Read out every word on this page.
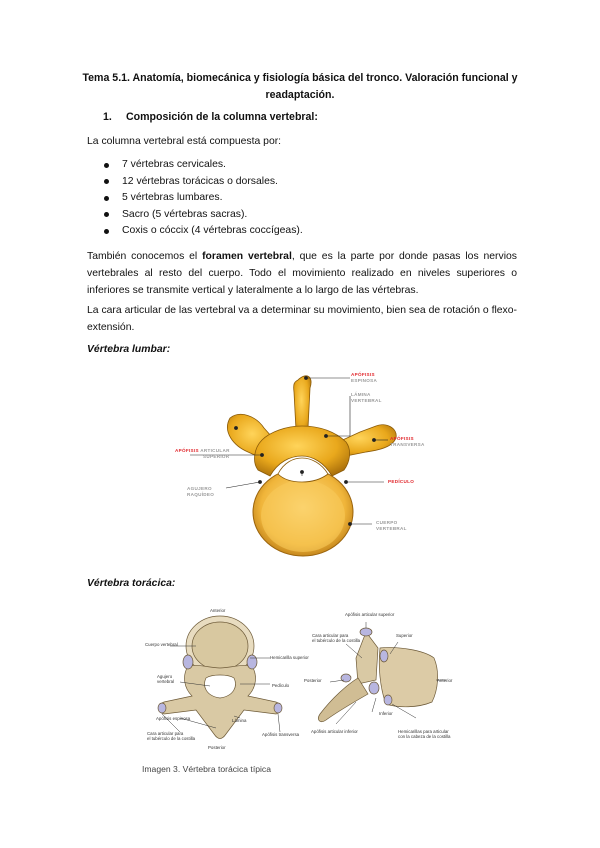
Tema 5.1. Anatomía, biomecánica y fisiología básica del tronco. Valoración funcional y readaptación.
1. Composición de la columna vertebral:
La columna vertebral está compuesta por:
7 vértebras cervicales.
12 vértebras torácicas o dorsales.
5 vértebras lumbares.
Sacro (5 vértebras sacras).
Coxis o cóccix (4 vértebras coccígeas).
También conocemos el foramen vertebral, que es la parte por donde pasas los nervios vertebrales al resto del cuerpo. Todo el movimiento realizado en niveles superiores o inferiores se transmite vertical y lateralmente a lo largo de las vértebras.
La cara articular de las vertebral va a determinar su movimiento, bien sea de rotación o flexo-extensión.
Vértebra lumbar:
APÓFISIS
ESPINOSA
LÁMINA
VERTEBRAL
APÓFISIS
TRANSVERSA
APÓFISIS ARTICULAR
SUPERIOR
AGUJERO
RAQUÍDEO
PEDÍCULO
CUERPO
VERTEBRAL
Vértebra torácica:
Anterior
Cuerpo vertebral
Hemicarilla superior
Agujero
vertebral
Pedículo
Apófisis espinosa	Lámina
Cara articular para
el tubérculo de la costilla
Apófisis transversa
Posterior
Apófisis articular superior
Cara articular para
el tubérculo de la costilla
Superior
Posterior	Anterior
Inferior
Apófisis articular inferior	Hemicarillas para articular
con la cabeza de la costilla
Imagen 3. Vértebra torácica típica
